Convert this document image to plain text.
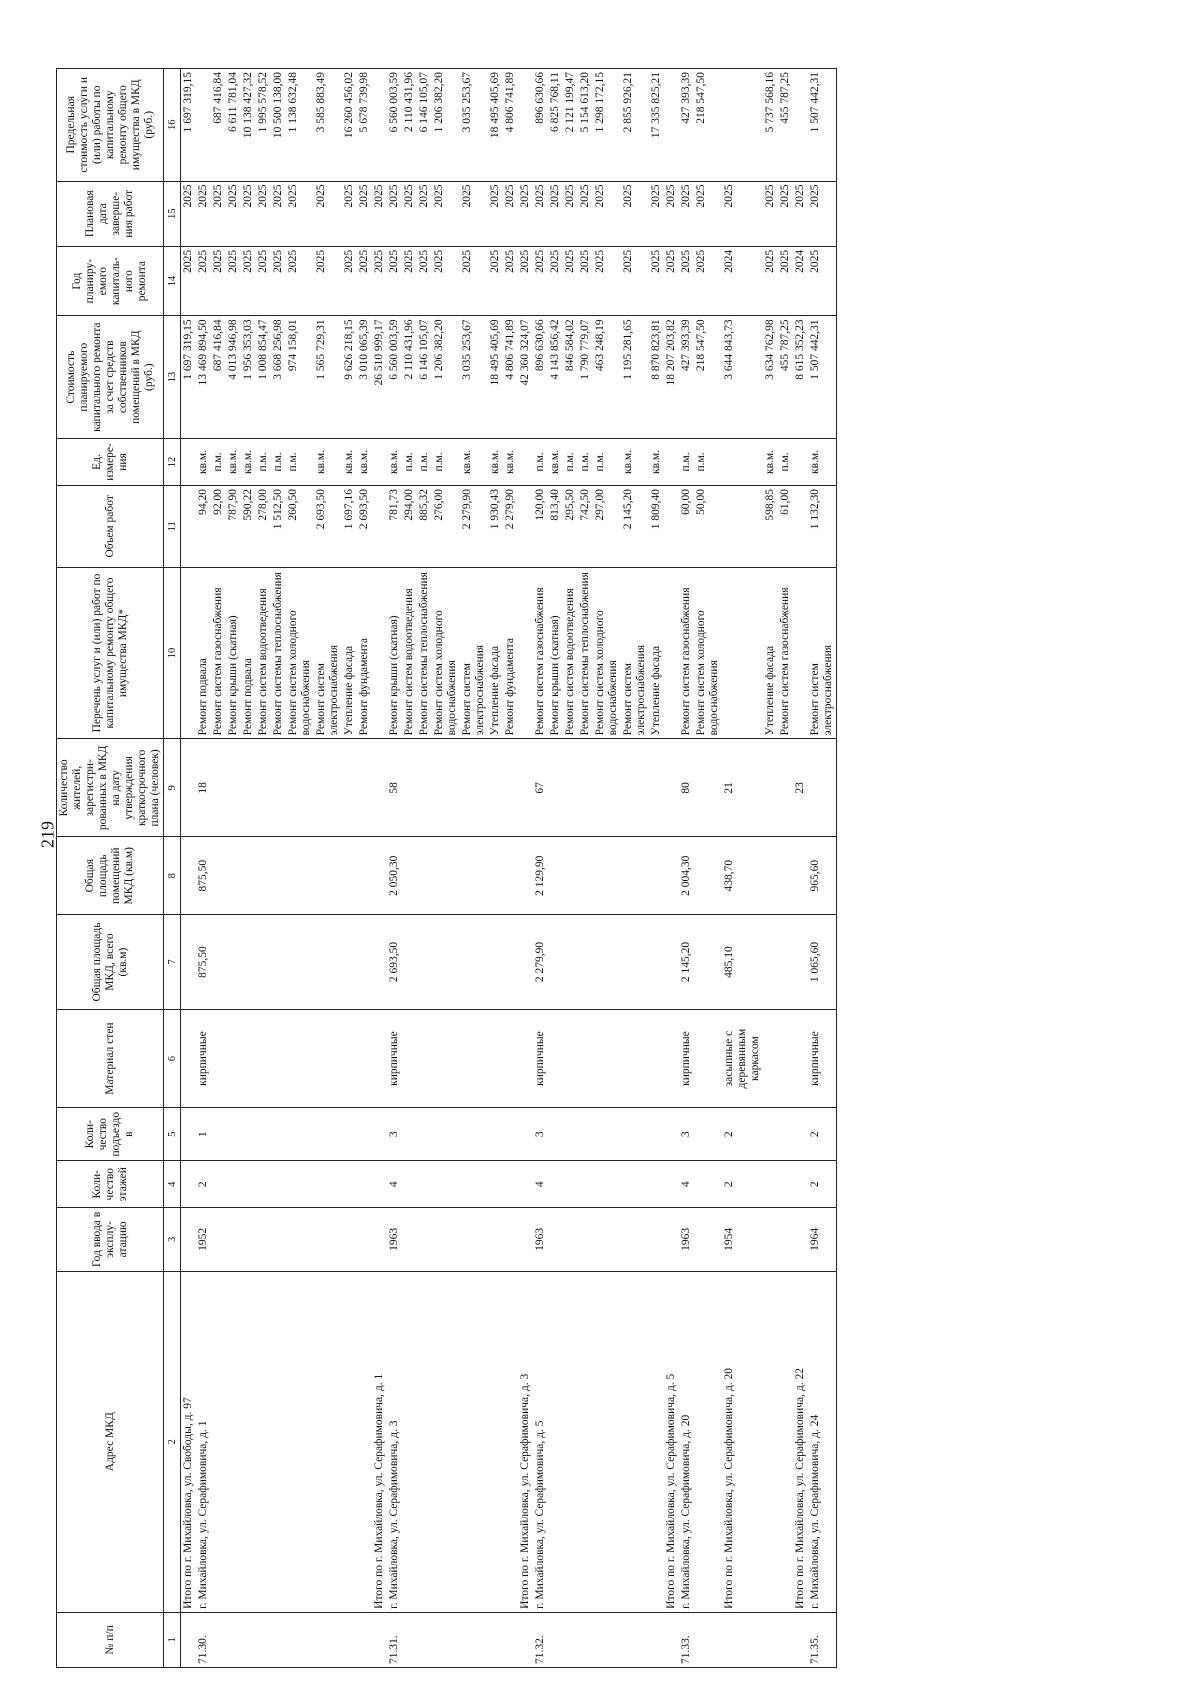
219
№ п/п	Адрес МКД	Год ввода в эксплу-атацию	Коли-чество этажей	Коли-чество подъездо в	Материал стен	Общая площадь МКД, всего (кв.м)	Общая площадь помещений МКД (кв.м)	Количество жителей, зарегистри-рованных в МКД на дату утверждения краткосрочного плана (человек)	Перечень услуг и (или) работ по капитальному ремонту общего имущества МКД*	Объем работ	Ед. измере-ния	Стоимость планируемого капитального ремонта за счет средств собственников помещений в МКД (руб.)	Год планиру-емого капиталь-ного ремонта	Плановая дата заверше-ния работ	Предельная стоимость услуги и (или) работы по капитальному ремонту общего имущества в МКД (руб.)
1	2	3	4	5	6	7	8	9	10	11	12	13	14	15	16
	Итого по г. Михайловка, ул. Свободы, д. 97											1 697 319,15	2025	2025	1 697 319,15
71.30.	г. Михайловка, ул. Серафимовича, д. 1	1952	2	1	кирпичные	875,50	875,50	18	Ремонт подвала	94,20	кв.м.	13 469 894,50	2025	2025	
									Ремонт систем газоснабжения	92,00	п.м.	687 416,84	2025	2025	687 416,84
									Ремонт крыши (скатная)	787,90	кв.м.	4 013 946,98	2025	2025	6 611 781,04
									Ремонт подвала	590,22	кв.м.	1 956 353,03	2025	2025	10 138 427,32
									Ремонт систем водоотведения	278,00	п.м.	1 008 854,47	2025	2025	1 995 578,52
									Ремонт системы теплоснабжения	1 512,50	п.м.	3 668 256,98	2025	2025	10 500 138,00
									Ремонт систем холодного водоснабжения	260,50	п.м.	974 158,01	2025	2025	1 138 632,48
									Ремонт систем электроснабжения	2 693,50	кв.м.	1 565 729,31	2025	2025	3 585 883,49
									Утепление фасада	1 697,16	кв.м.	9 626 218,15	2025	2025	16 260 456,02
									Ремонт фундамента	2 693,50	кв.м.	3 010 065,39	2025	2025	5 678 739,98
	Итого по г. Михайловка, ул. Серафимовича, д. 1											26 510 999,17	2025	2025	
71.31.	г. Михайловка, ул. Серафимовича, д. 3	1963	4	3	кирпичные	2 693,50	2 050,30	58	Ремонт крыши (скатная)	781,73	кв.м.	6 560 003,59	2025	2025	6 560 003,59
									Ремонт систем водоотведения	294,00	п.м.	2 110 431,96	2025	2025	2 110 431,96
									Ремонт системы теплоснабжения	885,32	п.м.	6 146 105,07	2025	2025	6 146 105,07
									Ремонт систем холодного водоснабжения	276,00	п.м.	1 206 382,20	2025	2025	1 206 382,20
									Ремонт систем электроснабжения	2 279,90	кв.м.	3 035 253,67	2025	2025	3 035 253,67
									Утепление фасада	1 930,43	кв.м.	18 495 405,69	2025	2025	18 495 405,69
									Ремонт фундамента	2 279,90	кв.м.	4 806 741,89	2025	2025	4 806 741,89
	Итого по г. Михайловка, ул. Серафимовича, д. 3											42 360 324,07	2025	2025	
71.32.	г. Михайловка, ул. Серафимовича, д. 5	1963	4	3	кирпичные	2 279,90	2 129,90	67	Ремонт систем газоснабжения	120,00	п.м.	896 630,66	2025	2025	896 630,66
									Ремонт крыши (скатная)	813,40	кв.м.	4 143 856,42	2025	2025	6 825 768,11
									Ремонт систем водоотведения	295,50	п.м.	846 584,02	2025	2025	2 121 199,47
									Ремонт системы теплоснабжения	742,50	п.м.	1 790 779,07	2025	2025	5 154 613,20
									Ремонт систем холодного водоснабжения	297,00	п.м.	463 248,19	2025	2025	1 298 172,15
									Ремонт систем электроснабжения	2 145,20	кв.м.	1 195 281,65	2025	2025	2 855 926,21
									Утепление фасада	1 809,40	кв.м.	8 870 823,81	2025	2025	17 335 825,21
	Итого по г. Михайловка, ул. Серафимовича, д. 5											18 207 203,82	2025	2025	
71.33.	г. Михайловка, ул. Серафимовича, д. 20	1963	4	3	кирпичные	2 145,20	2 004,30	80	Ремонт систем газоснабжения	60,00	п.м.	427 393,39	2025	2025	427 393,39
									Ремонт систем холодного водоснабжения	50,00	п.м.	218 547,50	2025	2025	218 547,50
	Итого по г. Михайловка, ул. Серафимовича, д. 20	1954	2	2	засыпные с деревянным каркасом	485,10	438,70	21				3 644 843,73	2024	2025	
									Утепление фасада	598,85	кв.м.	3 634 762,98	2025	2025	5 737 568,16
									Ремонт систем газоснабжения	61,00	п.м.	455 787,25	2025	2025	455 787,25
	Итого по г. Михайловка, ул. Серафимовича, д. 22							23				8 615 352,23	2024	2025	
71.35.	г. Михайловка, ул. Серафимовича, д. 24	1964	2	2	кирпичные	1 065,60	965,60		Ремонт систем электроснабжения	1 132,30	кв.м.	1 507 442,31	2025	2025	1 507 442,31
